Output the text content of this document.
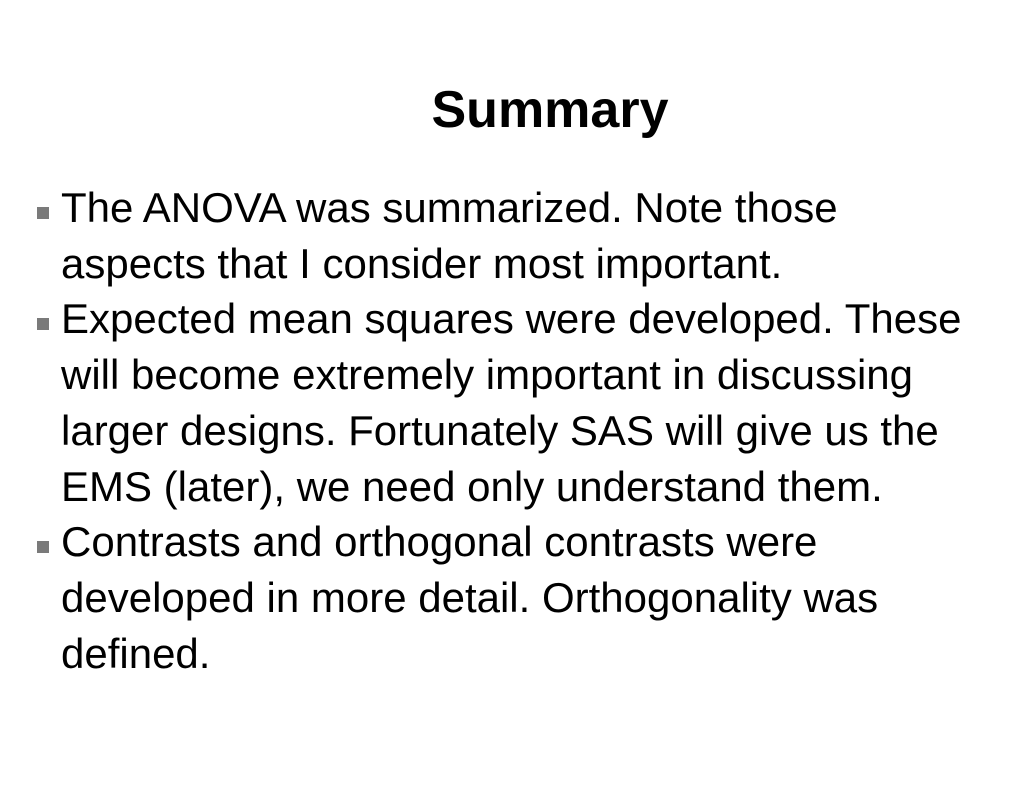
Summary
The ANOVA was summarized. Note those
aspects that I consider most important.
Expected mean squares were developed. These
will become extremely important in discussing
larger designs. Fortunately SAS will give us the
EMS (later), we need only understand them.
Contrasts and orthogonal contrasts were
developed in more detail. Orthogonality was
defined.
